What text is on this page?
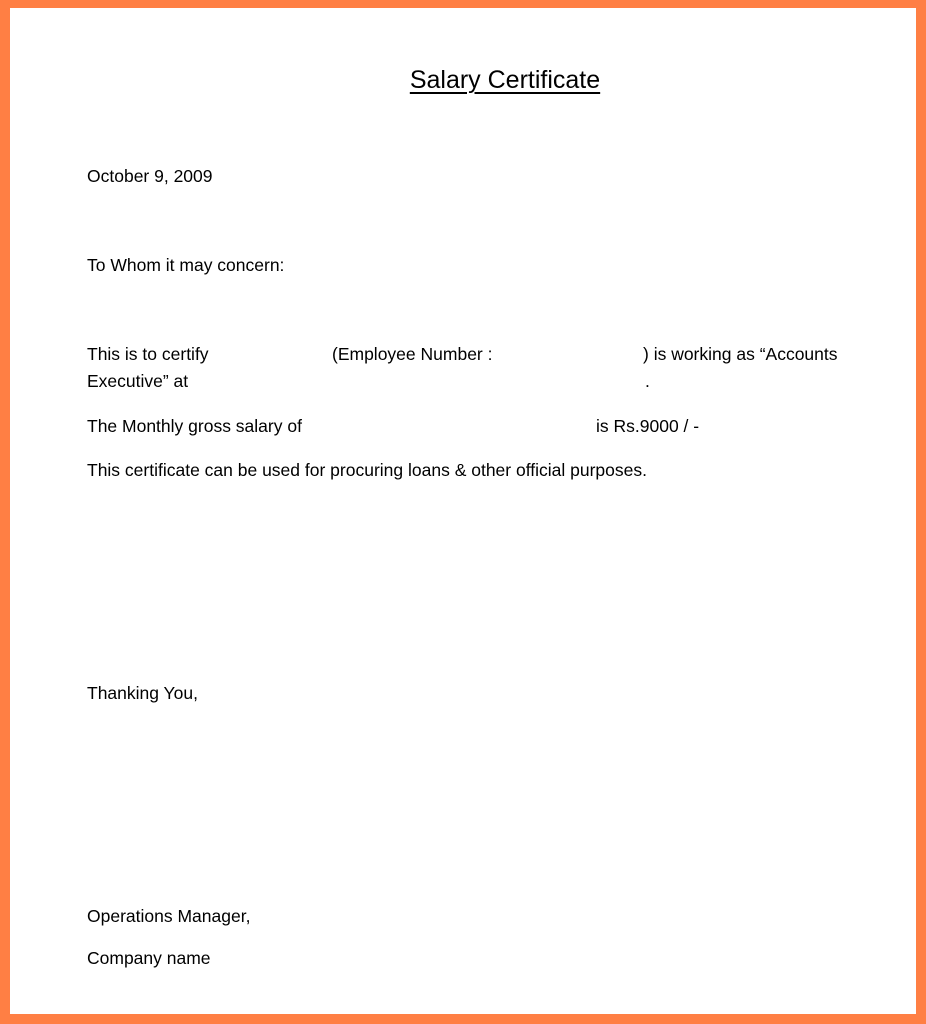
Salary Certificate
October 9, 2009
To Whom it may concern:
This is to certify	(Employee Number :	) is working as “Accounts
Executive” at	.
The Monthly gross salary of	is Rs.9000 / -
This certificate can be used for procuring loans & other official purposes.
Thanking You,
Operations Manager,
Company name
